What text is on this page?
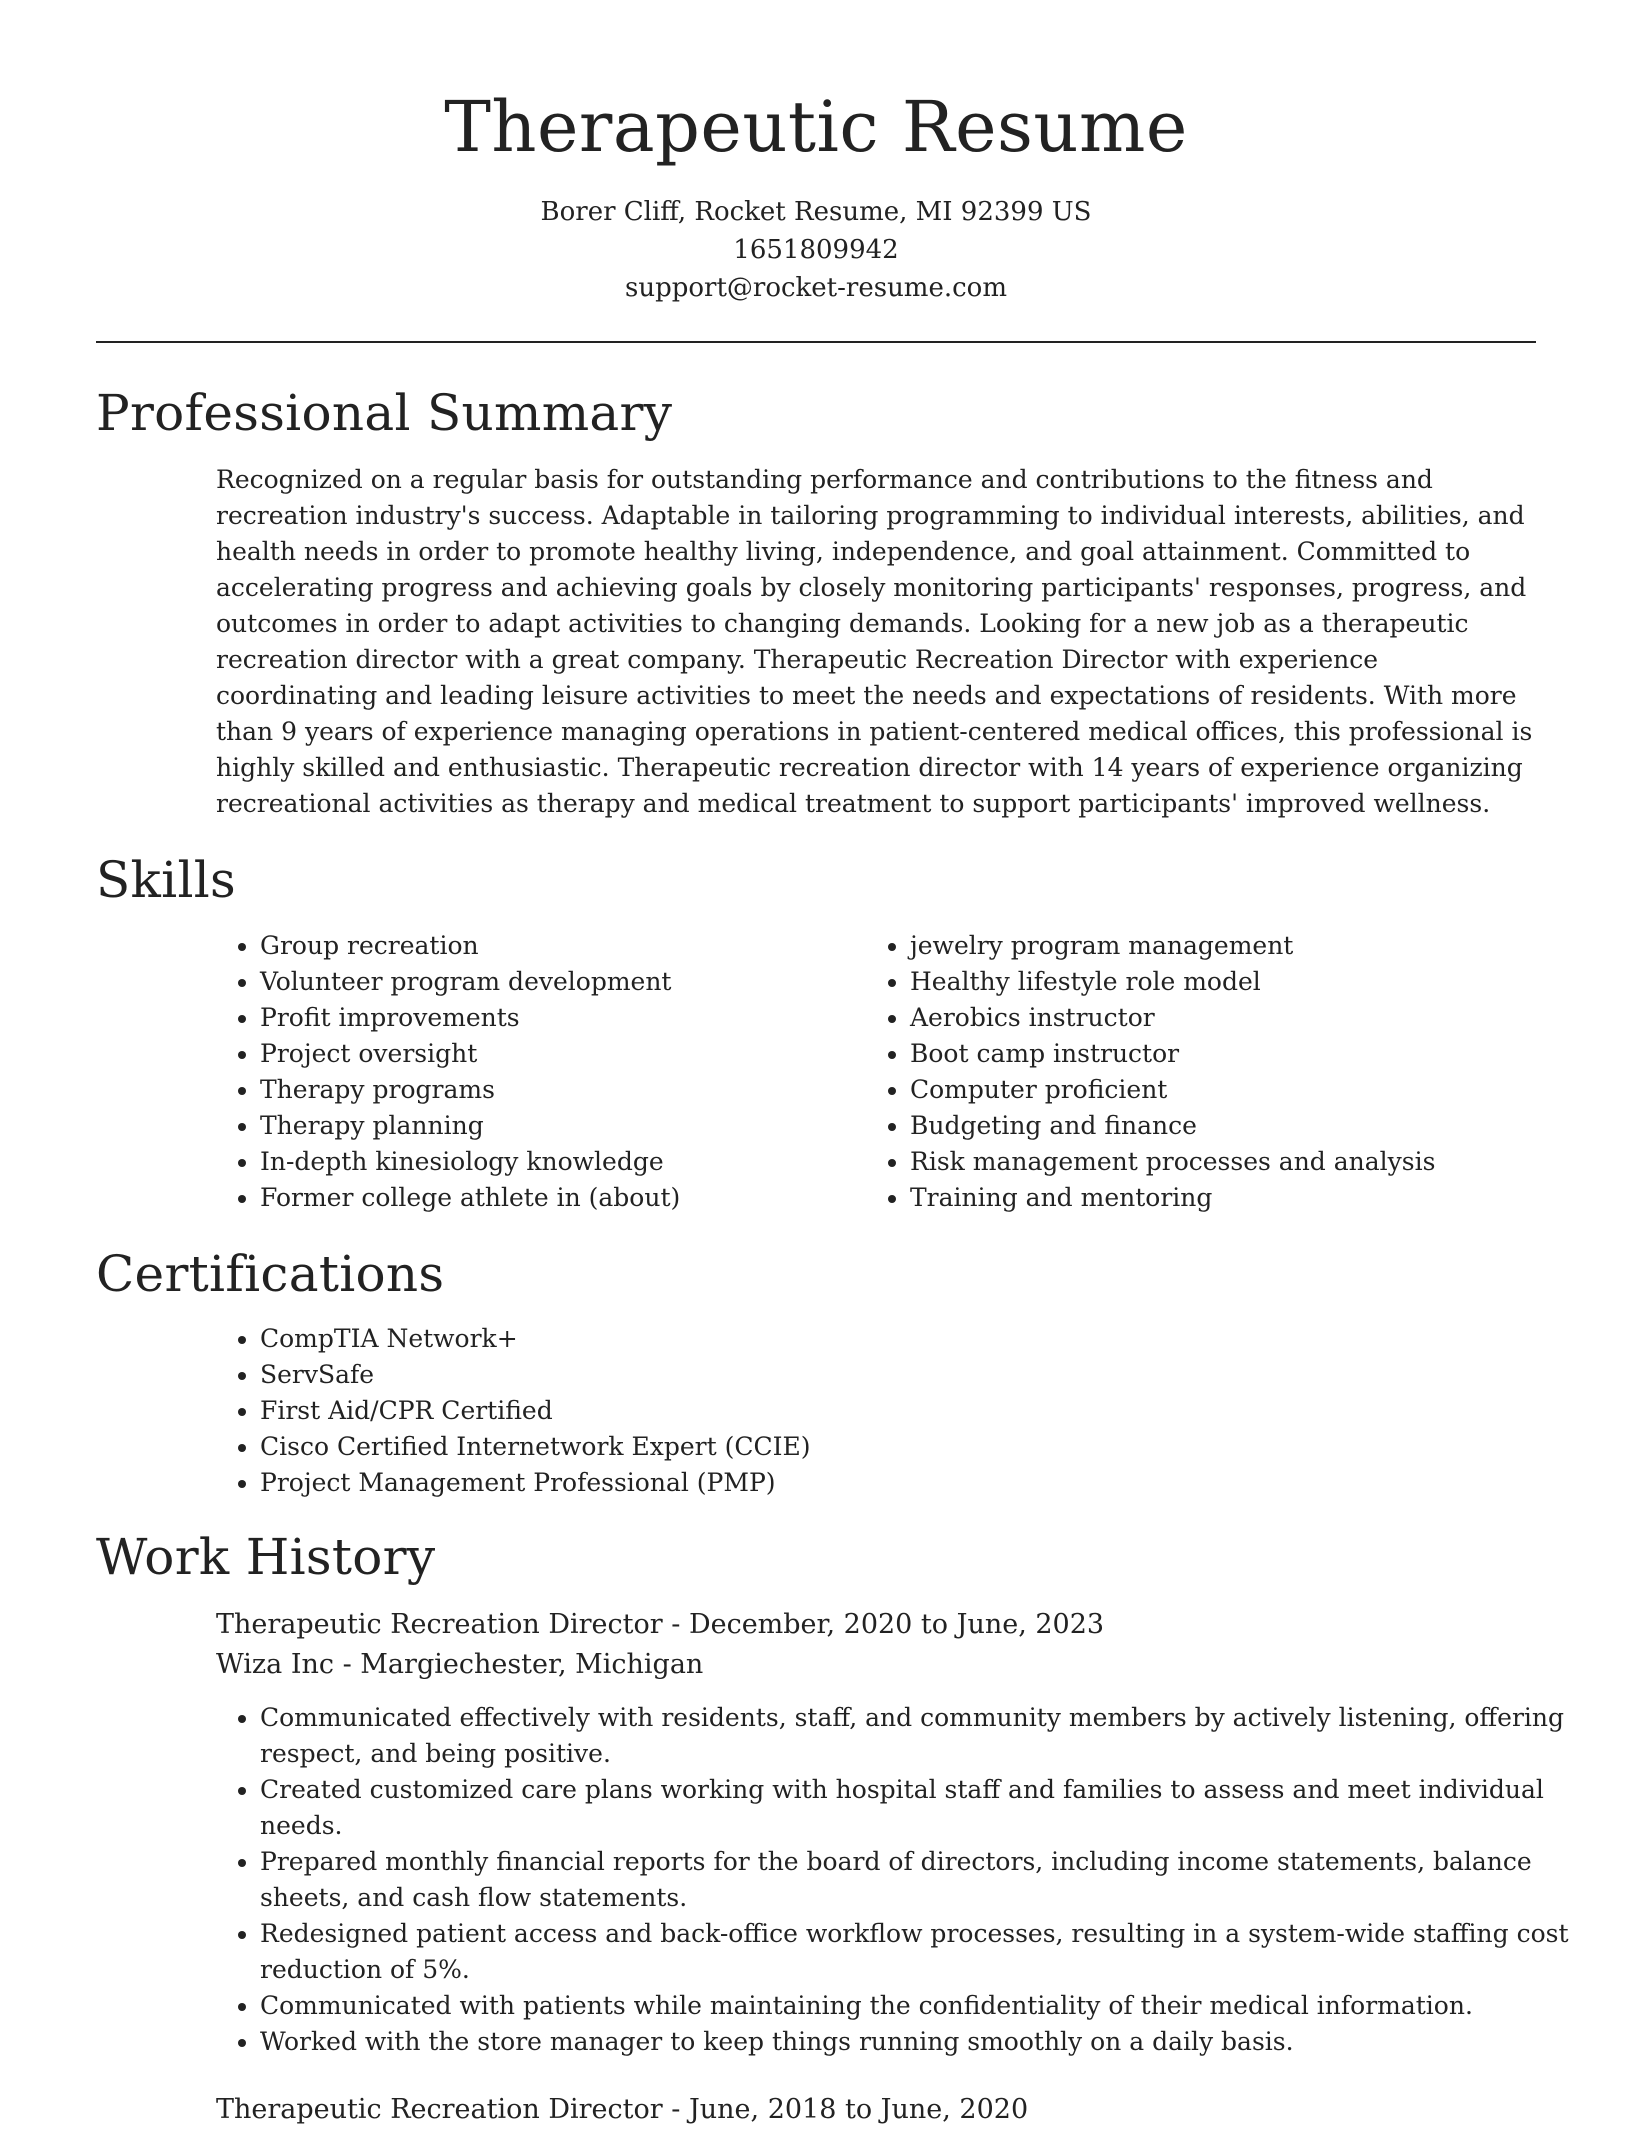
Therapeutic Resume
Borer Cliff, Rocket Resume, MI 92399 US
1651809942
support@rocket-resume.com
Professional Summary

Recognized on a regular basis for outstanding performance and contributions to the fitness and recreation industry's success. Adaptable in tailoring programming to individual interests, abilities, and health needs in order to promote healthy living, independence, and goal attainment. Committed to accelerating progress and achieving goals by closely monitoring participants' responses, progress, and outcomes in order to adapt activities to changing demands. Looking for a new job as a therapeutic recreation director with a great company. Therapeutic Recreation Director with experience coordinating and leading leisure activities to meet the needs and expectations of residents. With more than 9 years of experience managing operations in patient-centered medical offices, this professional is highly skilled and enthusiastic. Therapeutic recreation director with 14 years of experience organizing recreational activities as therapy and medical treatment to support participants' improved wellness.

Skills
• Group recreation
• Volunteer program development
• Profit improvements
• Project oversight
• Therapy programs
• Therapy planning
• In-depth kinesiology knowledge
• Former college athlete in (about)
• jewelry program management
• Healthy lifestyle role model
• Aerobics instructor
• Boot camp instructor
• Computer proficient
• Budgeting and finance
• Risk management processes and analysis
• Training and mentoring
Certifications
• CompTIA Network+
• ServSafe
• First Aid/CPR Certified
• Cisco Certified Internetwork Expert (CCIE)
• Project Management Professional (PMP)
Work History
Therapeutic Recreation Director - December, 2020 to June, 2023
Wiza Inc - Margiechester, Michigan
• Communicated effectively with residents, staff, and community members by actively listening, offering respect, and being positive.
• Created customized care plans working with hospital staff and families to assess and meet individual needs.
• Prepared monthly financial reports for the board of directors, including income statements, balance sheets, and cash flow statements.
• Redesigned patient access and back-office workflow processes, resulting in a system-wide staffing cost reduction of 5%.
• Communicated with patients while maintaining the confidentiality of their medical information.
• Worked with the store manager to keep things running smoothly on a daily basis.
Therapeutic Recreation Director - June, 2018 to June, 2020
